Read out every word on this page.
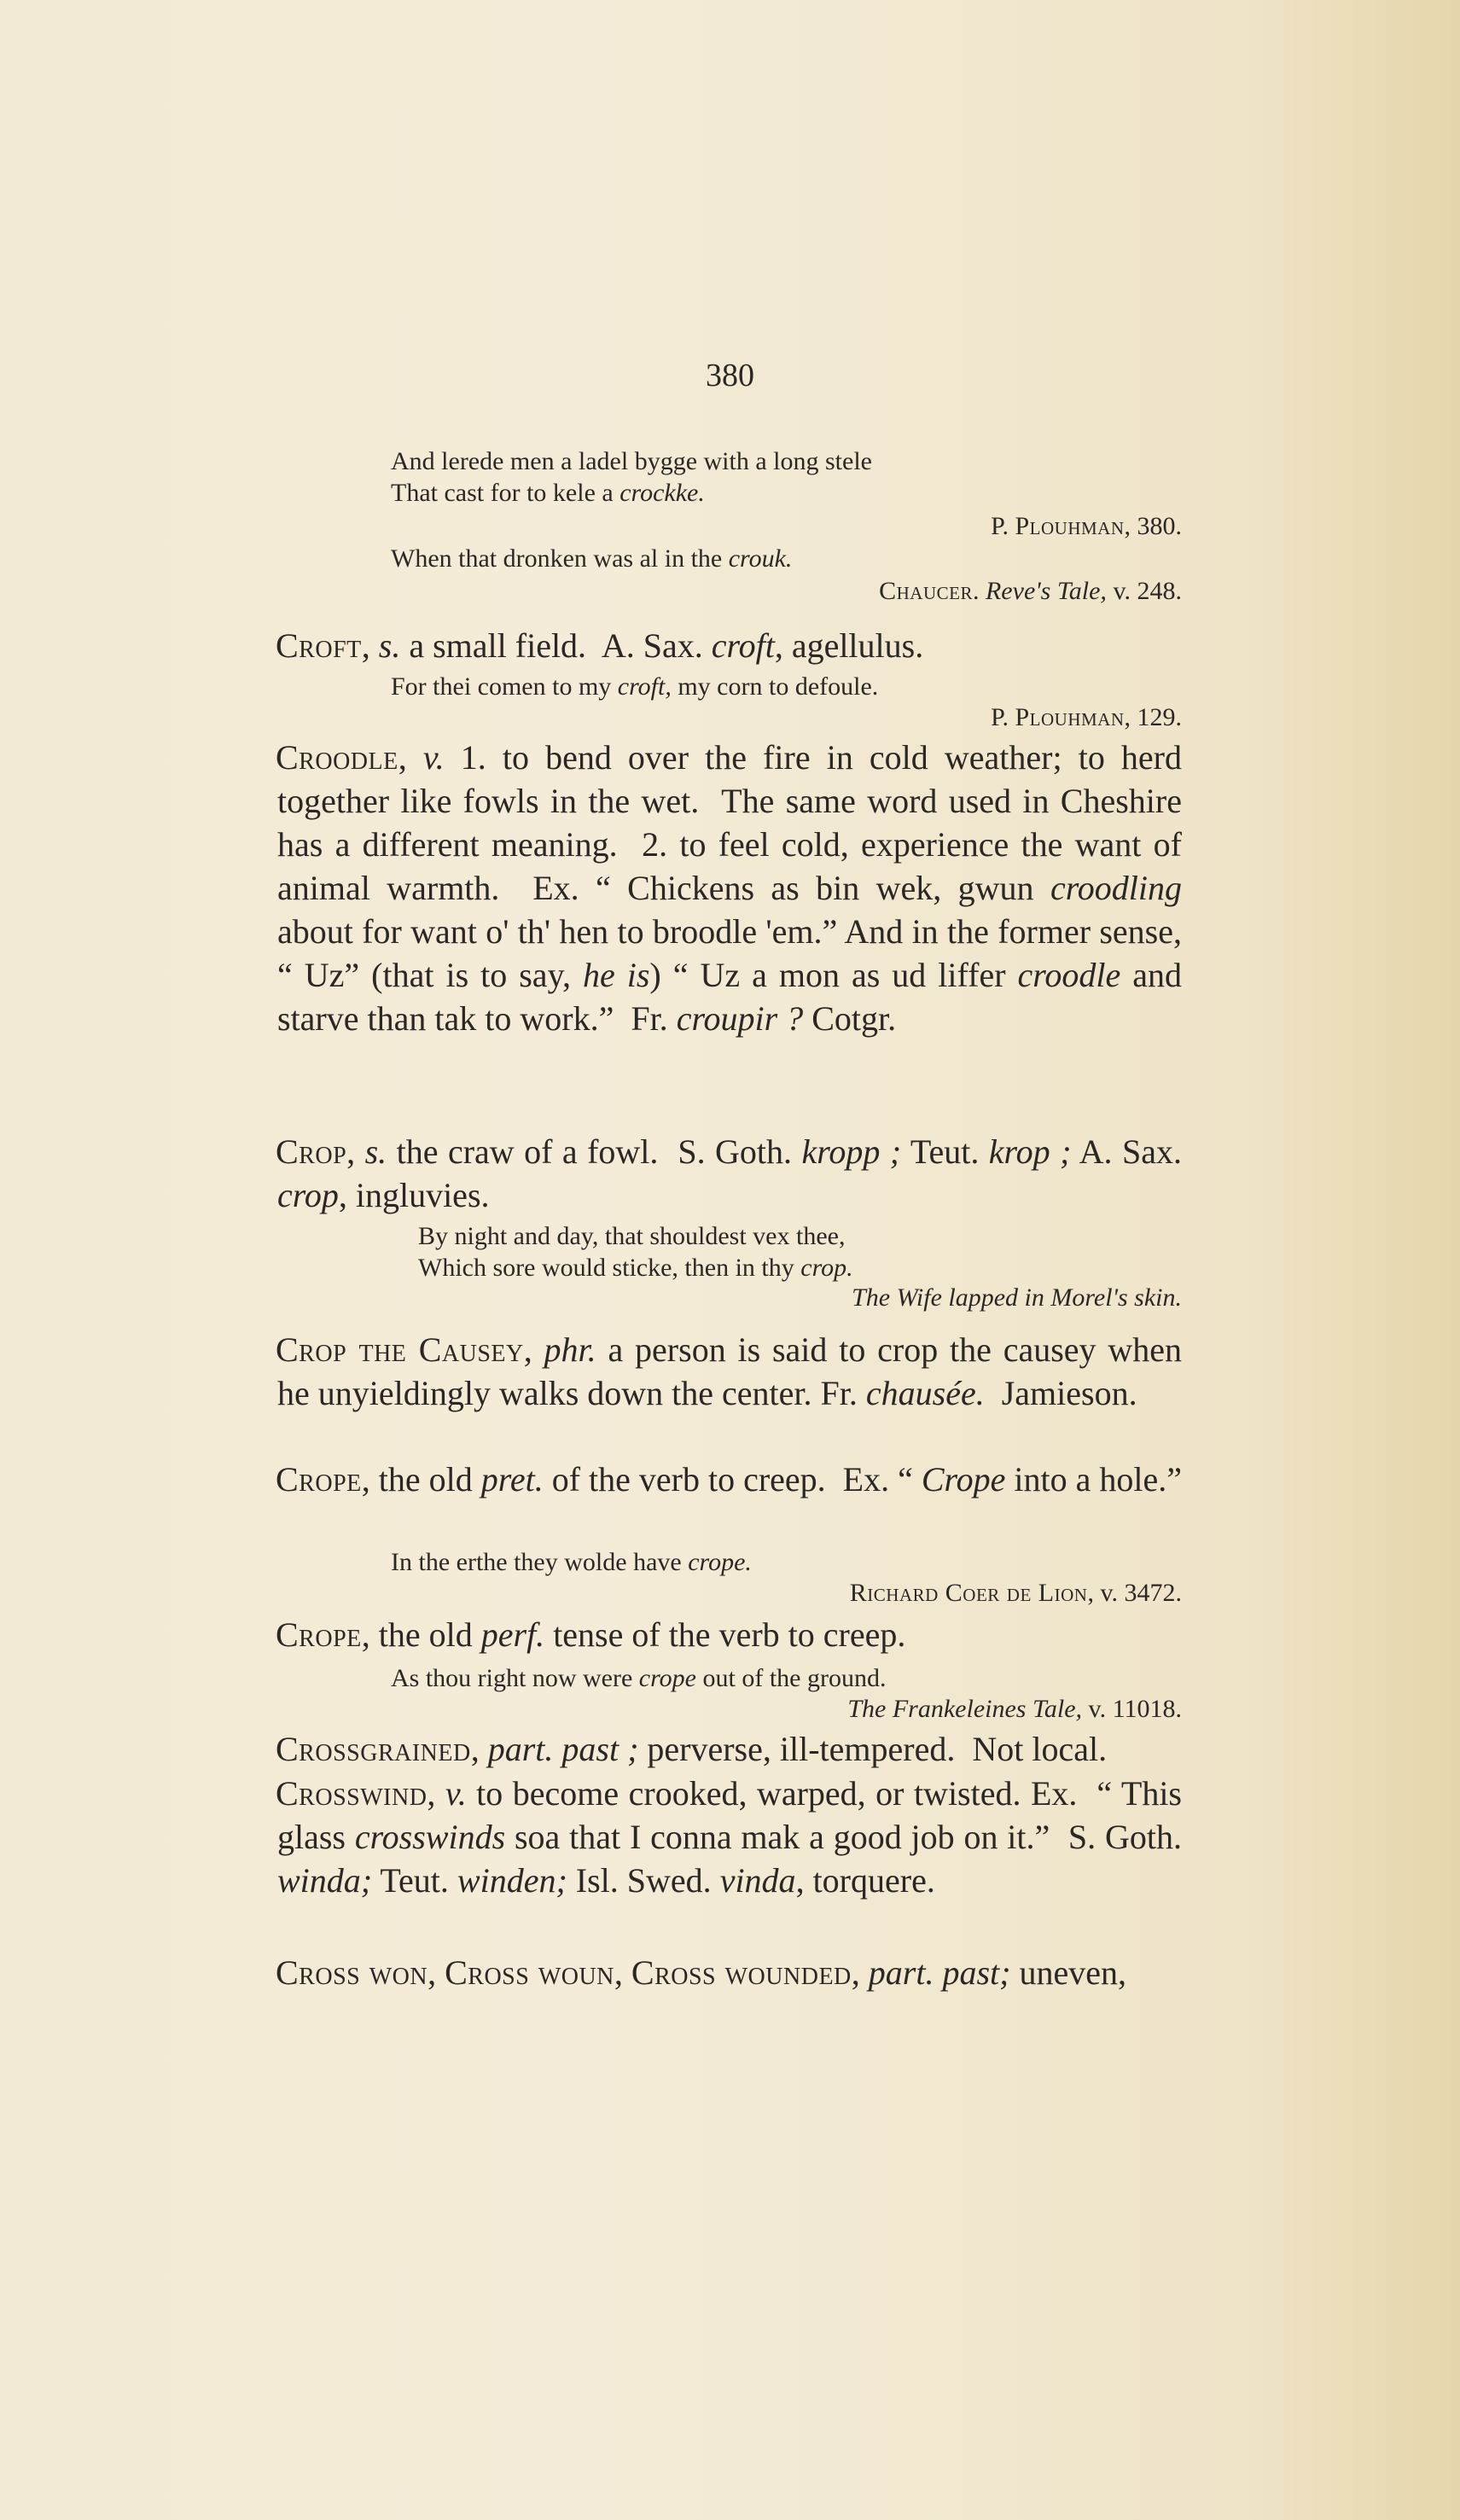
380
And lerede men a ladel bygge with a long stele
That cast for to kele a crockke.
P. Plouhman, 380.
When that dronken was al in the crouk.
Chaucer. Reve's Tale, v. 248.
Croft, s. a small field.  A. Sax. croft, agellulus.
For thei comen to my croft, my corn to defoule.
P. Plouhman, 129.
Croodle, v. 1. to bend over the fire in cold weather; to herd together like fowls in the wet.  The same word used in Cheshire has a different meaning.  2. to feel cold, experience the want of animal warmth.  Ex. “ Chickens as bin wek, gwun croodling about for want o' th' hen to broodle 'em.” And in the former sense, “ Uz” (that is to say, he is) “ Uz a mon as ud liffer croodle and starve than tak to work.”  Fr. croupir ? Cotgr.
Crop, s. the craw of a fowl.  S. Goth. kropp ; Teut. krop ; A. Sax. crop, ingluvies.
By night and day, that shouldest vex thee,
Which sore would sticke, then in thy crop.
The Wife lapped in Morel's skin.
Crop the Causey, phr. a person is said to crop the causey when he unyieldingly walks down the center. Fr. chausée.  Jamieson.
Crope, the old pret. of the verb to creep.  Ex. “ Crope into a hole.”
In the erthe they wolde have crope.
Richard Coer de Lion, v. 3472.
Crope, the old perf. tense of the verb to creep.
As thou right now were crope out of the ground.
The Frankeleines Tale, v. 11018.
Crossgrained, part. past ; perverse, ill-tempered.  Not local.
Crosswind, v. to become crooked, warped, or twisted. Ex.  “ This glass crosswinds soa that I conna mak a good job on it.”  S. Goth. winda; Teut. winden; Isl. Swed. vinda, torquere.
Cross won, Cross woun, Cross wounded, part. past; uneven,
